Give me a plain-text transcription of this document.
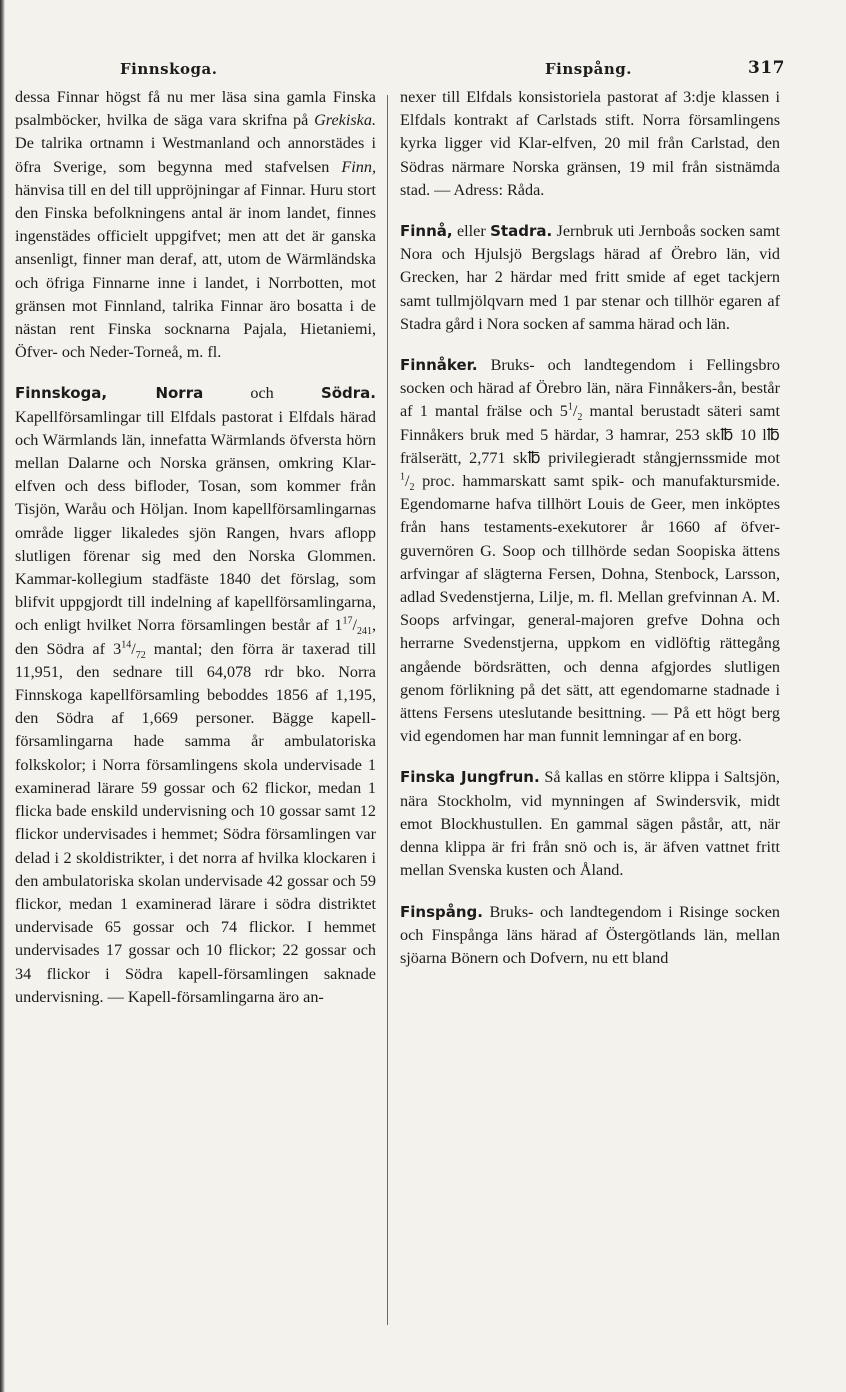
Finnskoga.	Finspång.	317

dessa Finnar högst få nu mer läsa sina gamla Finska psalmböcker, hvilka de säga vara skrifna på Grekiska. De talrika ortnamn i Westmanland och annorstädes i öfra Sverige, som begynna med stafvelsen Finn, hänvisa till en del till uppröjningar af Finnar. Huru stort den Finska befolkningens antal är inom landet, finnes ingenstädes officielt uppgifvet; men att det är ganska ansenligt, finner man deraf, att, utom de Wärmländska och öfriga Finnarne inne i landet, i Norrbotten, mot gränsen mot Finnland, talrika Finnar äro bosatta i de nästan rent Finska socknarna Pajala, Hietaniemi, Öfver- och Neder-Torneå, m. fl.

Finnskoga, Norra och Södra. Kapellförsamlingar till Elfdals pastorat i Elfdals härad och Wärmlands län, innefatta Wärmlands öfversta hörn mellan Dalarne och Norska gränsen, omkring Klar-elfven och dess bifloder, Tosan, som kommer från Tisjön, Waråu och Höljan. Inom kapellförsamlingarnas område ligger likaledes sjön Rangen, hvars aflopp slutligen förenar sig med den Norska Glommen. Kammar-kollegium stadfäste 1840 det förslag, som blifvit uppgjordt till indelning af kapellförsamlingarna, och enligt hvilket Norra församlingen består af $1^{17}/_{241}$, den Södra af $3^{14}/_{72}$ mantal; den förra är taxerad till 11,951, den sednare till 64,078 rdr bko. Norra Finnskoga kapellförsamling beboddes 1856 af 1,195, den Södra af 1,669 personer. Bägge kapell-församlingarna hade samma år ambulatoriska folkskolor; i Norra församlingens skola undervisade 1 examinerad lärare 59 gossar och 62 flickor, medan 1 flicka bade enskild undervisning och 10 gossar samt 12 flickor undervisades i hemmet; Södra församlingen var delad i 2 skoldistrikter, i det norra af hvilka klockaren i den ambulatoriska skolan undervisade 42 gossar och 59 flickor, medan 1 examinerad lärare i södra distriktet undervisade 65 gossar och 74 flickor. I hemmet undervisades 17 gossar och 10 flickor; 22 gossar och 34 flickor i Södra kapell-församlingen saknade undervisning. — Kapell-församlingarna äro an-

nexer till Elfdals konsistoriela pastorat af 3:dje klassen i Elfdals kontrakt af Carlstads stift. Norra församlingens kyrka ligger vid Klar-elfven, 20 mil från Carlstad, den Södras närmare Norska gränsen, 19 mil från sistnämda stad. — Adress: Råda.

Finnå, eller Stadra. Jernbruk uti Jernboås socken samt Nora och Hjulsjö Bergslags härad af Örebro län, vid Grecken, har 2 härdar med fritt smide af eget tackjern samt tullmjölqvarn med 1 par stenar och tillhör egaren af Stadra gård i Nora socken af samma härad och län.

Finnåker. Bruks- och landtegendom i Fellingsbro socken och härad af Örebro län, nära Finnåkers-ån, består af 1 mantal frälse och $5^1/_2$ mantal berustadt säteri samt Finnåkers bruk med 5 härdar, 3 hamrar, 253 sk℔ 10 l℔ frälserätt, 2,771 sk℔ privilegieradt stångjernssmide mot $^1/_2$ proc. hammarskatt samt spik- och manufaktursmide. Egendomarne hafva tillhört Louis de Geer, men inköptes från hans testaments-exekutorer år 1660 af öfver-guvernören G. Soop och tillhörde sedan Soopiska ättens arfvingar af slägterna Fersen, Dohna, Stenbock, Larsson, adlad Svedenstjerna, Lilje, m. fl. Mellan grefvinnan A. M. Soops arfvingar, general-majoren grefve Dohna och herrarne Svedenstjerna, uppkom en vidlöftig rättegång angående bördsrätten, och denna afgjordes slutligen genom förlikning på det sätt, att egendomarne stadnade i ättens Fersens uteslutande besittning. — På ett högt berg vid egendomen har man funnit lemningar af en borg.

Finska Jungfrun. Så kallas en större klippa i Saltsjön, nära Stockholm, vid mynningen af Swindersvik, midt emot Blockhustullen. En gammal sägen påstår, att, när denna klippa är fri från snö och is, är äfven vattnet fritt mellan Svenska kusten och Åland.

Finspång. Bruks- och landtegendom i Risinge socken och Finspånga läns härad af Östergötlands län, mellan sjöarna Bönern och Dofvern, nu ett bland
